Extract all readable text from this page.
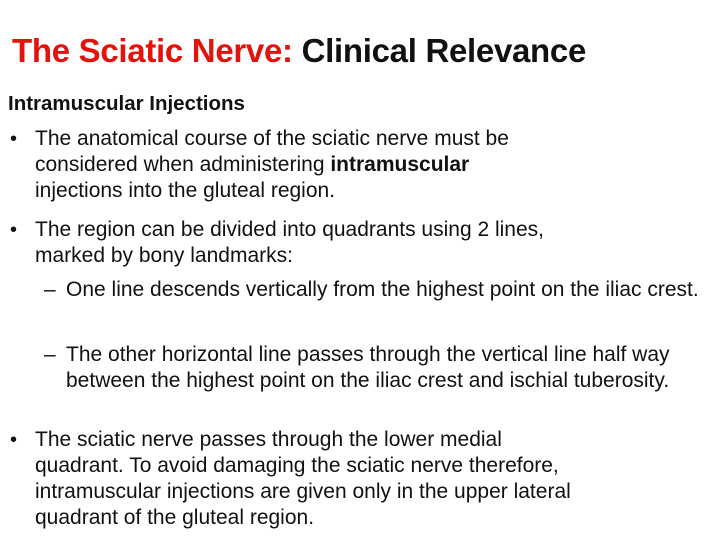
The Sciatic Nerve: Clinical Relevance
Intramuscular Injections
• The anatomical course of the sciatic nerve must be
considered when administering intramuscular
injections into the gluteal region.
• The region can be divided into quadrants using 2 lines,
marked by bony landmarks:
– One line descends vertically from the highest point on the iliac crest.
– The other horizontal line passes through the vertical line half way between the highest point on the iliac crest and ischial tuberosity.
• The sciatic nerve passes through the lower medial
quadrant. To avoid damaging the sciatic nerve therefore,
intramuscular injections are given only in the upper lateral
quadrant of the gluteal region.
